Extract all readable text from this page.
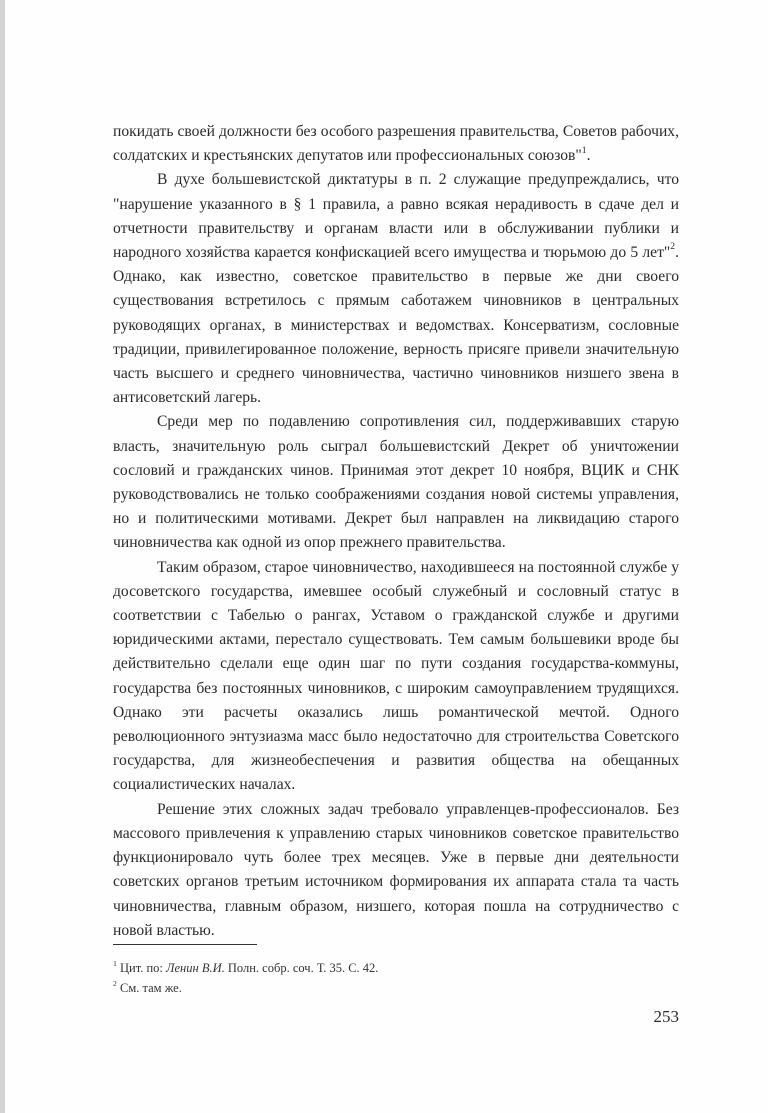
покидать своей должности без особого разрешения правительства, Советов рабочих, солдатских и крестьянских депутатов или профессиональных союзов"$^1$.

В духе большевистской диктатуры в п. 2 служащие предупреждались, что "нарушение указанного в § 1 правила, а равно всякая нерадивость в сдаче дел и отчетности правительству и органам власти или в обслуживании публики и народного хозяйства карается конфискацией всего имущества и тюрьмою до 5 лет"$^2$. Однако, как известно, советское правительство в первые же дни своего существования встретилось с прямым саботажем чиновников в центральных руководящих органах, в министерствах и ведомствах. Консерватизм, сословные традиции, привилегированное положение, верность присяге привели значительную часть высшего и среднего чиновничества, частично чиновников низшего звена в антисоветский лагерь.

Среди мер по подавлению сопротивления сил, поддерживавших старую власть, значительную роль сыграл большевистский Декрет об уничтожении сословий и гражданских чинов. Принимая этот декрет 10 ноября, ВЦИК и СНК руководствовались не только соображениями создания новой системы управления, но и политическими мотивами. Декрет был направлен на ликвидацию старого чиновничества как одной из опор прежнего правительства.

Таким образом, старое чиновничество, находившееся на постоянной службе у досоветского государства, имевшее особый служебный и сословный статус в соответствии с Табелью о рангах, Уставом о гражданской службе и другими юридическими актами, перестало существовать. Тем самым большевики вроде бы действительно сделали еще один шаг по пути создания государства-коммуны, государства без постоянных чиновников, с широким самоуправлением трудящихся. Однако эти расчеты оказались лишь романтической мечтой. Одного революционного энтузиазма масс было недостаточно для строительства Советского государства, для жизнеобеспечения и развития общества на обещанных социалистических началах.

Решение этих сложных задач требовало управленцев-профессионалов. Без массового привлечения к управлению старых чиновников советское правительство функционировало чуть более трех месяцев. Уже в первые дни деятельности советских органов третьим источником формирования их аппарата стала та часть чиновничества, главным образом, низшего, которая пошла на сотрудничество с новой властью.

$^1$ Цит. по: Ленин В.И. Полн. собр. соч. Т. 35. С. 42.
$^2$ См. там же.
253
